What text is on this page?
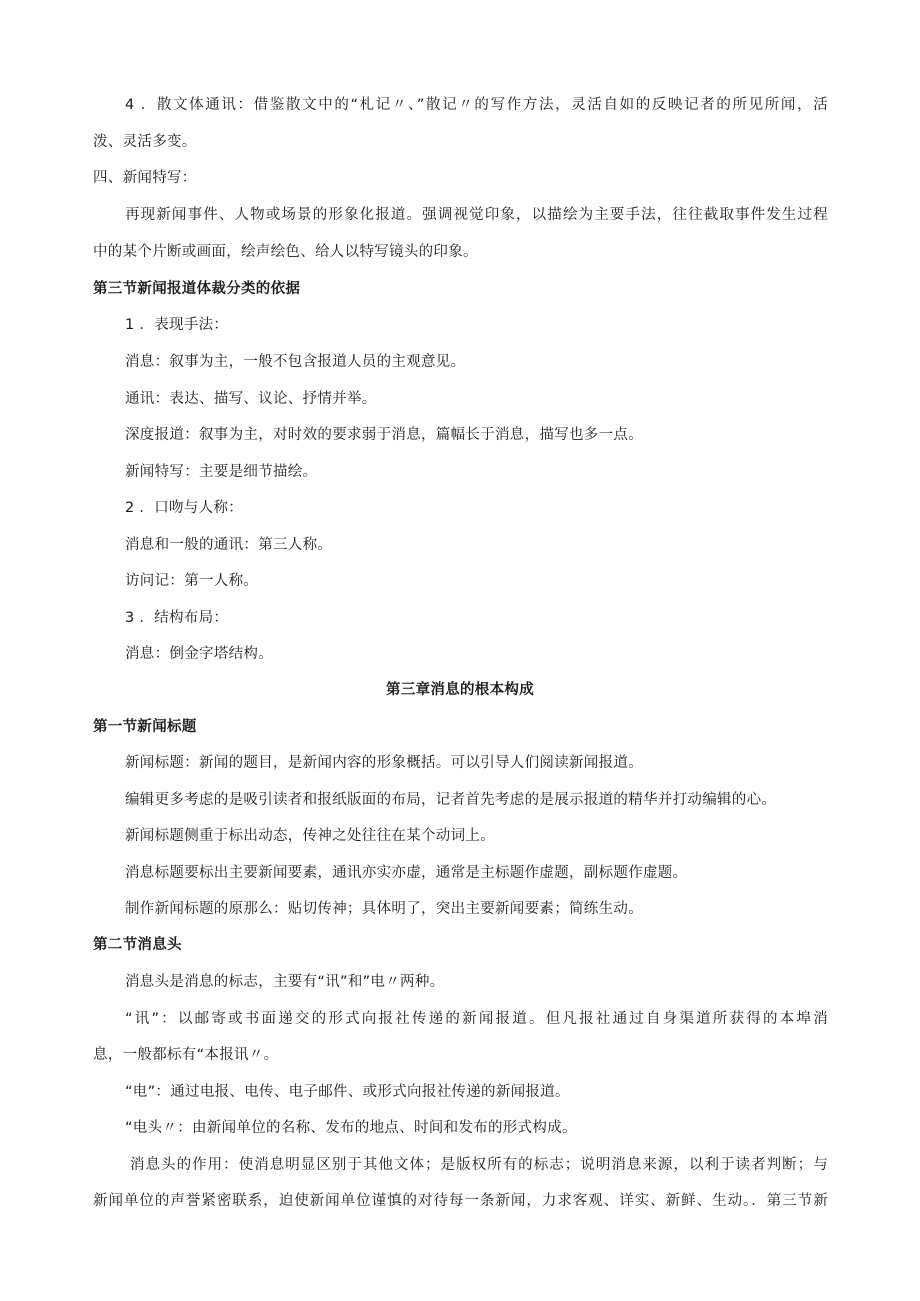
4 ．散文体通讯：借鉴散文中的“札记〃、”散记〃的写作方法，灵活自如的反映记者的所见所闻，活
泼、灵活多变。
四、新闻特写：
再现新闻事件、人物或场景的形象化报道。强调视觉印象，以描绘为主要手法，往往截取事件发生过程
中的某个片断或画面，绘声绘色、给人以特写镜头的印象。
第三节新闻报道体裁分类的依据
1 ．表现手法：
消息：叙事为主，一般不包含报道人员的主观意见。
通讯：表达、描写、议论、抒情并举。
深度报道：叙事为主，对时效的要求弱于消息，篇幅长于消息，描写也多一点。
新闻特写：主要是细节描绘。
2 ．口吻与人称：
消息和一般的通讯：第三人称。
访问记：第一人称。
3 ．结构布局：
消息：倒金字塔结构。
第三章消息的根本构成
第一节新闻标题
新闻标题：新闻的题目，是新闻内容的形象概括。可以引导人们阅读新闻报道。
编辑更多考虑的是吸引读者和报纸版面的布局，记者首先考虑的是展示报道的精华并打动编辑的心。
新闻标题侧重于标出动态，传神之处往往在某个动词上。
消息标题要标出主要新闻要素，通讯亦实亦虚，通常是主标题作虚题，副标题作虚题。
制作新闻标题的原那么：贴切传神；具体明了，突出主要新闻要素；简练生动。
第二节消息头
消息头是消息的标志，主要有“讯”和”电〃两种。
“讯”：以邮寄或书面递交的形式向报社传递的新闻报道。但凡报社通过自身渠道所获得的本埠消
息，一般都标有“本报讯〃。
“电”：通过电报、电传、电子邮件、或形式向报社传递的新闻报道。
“电头〃：由新闻单位的名称、发布的地点、时间和发布的形式构成。
消息头的作用：使消息明显区别于其他文体；是版权所有的标志；说明消息来源，以利于读者判断；与
新闻单位的声誉紧密联系，迫使新闻单位谨慎的对待每一条新闻，力求客观、详实、新鲜、生动。．第三节新
